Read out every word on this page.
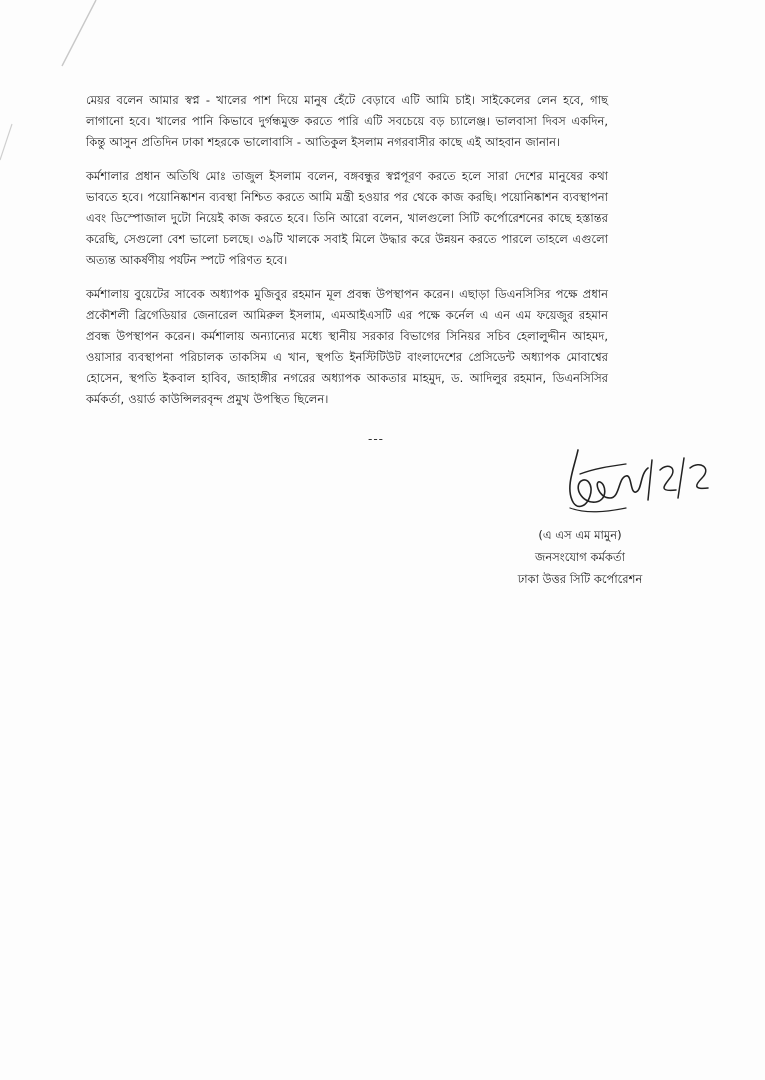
মেয়র বলেন আমার স্বপ্ন - খালের পাশ দিয়ে মানুষ হেঁটে বেড়াবে এটি আমি চাই। সাইকেলের লেন হবে, গাছ লাগানো হবে। খালের পানি কিভাবে দুর্গন্ধমুক্ত করতে পারি এটি সবচেয়ে বড় চ্যালেঞ্জ। ভালবাসা দিবস একদিন, কিন্তু আসুন প্রতিদিন ঢাকা শহরকে ভালোবাসি - আতিকুল ইসলাম নগরবাসীর কাছে এই আহবান জানান।

কর্মশালার প্রধান অতিথি মোঃ তাজুল ইসলাম বলেন, বঙ্গবন্ধুর স্বপ্নপূরণ করতে হলে সারা দেশের মানুষের কথা ভাবতে হবে। পয়োনিষ্কাশন ব্যবস্থা নিশ্চিত করতে আমি মন্ত্রী হওয়ার পর থেকে কাজ করছি। পয়োনিষ্কাশন ব্যবস্থাপনা এবং ডিস্পোজাল দুটো নিয়েই কাজ করতে হবে। তিনি আরো বলেন, খালগুলো সিটি কর্পোরেশনের কাছে হস্তান্তর করেছি, সেগুলো বেশ ভালো চলছে। ৩৯টি খালকে সবাই মিলে উদ্ধার করে উন্নয়ন করতে পারলে তাহলে এগুলো অত্যন্ত আকর্ষণীয় পর্যটন স্পটে পরিণত হবে।

কর্মশালায় বুয়েটের সাবেক অধ্যাপক মুজিবুর রহমান মূল প্রবন্ধ উপস্থাপন করেন। এছাড়া ডিএনসিসির পক্ষে প্রধান প্রকৌশলী ব্রিগেডিয়ার জেনারেল আমিরুল ইসলাম, এমআইএসটি এর পক্ষে কর্নেল এ এন এম ফয়েজুর রহমান প্রবন্ধ উপস্থাপন করেন। কর্মশালায় অন্যান্যের মধ্যে স্থানীয় সরকার বিভাগের সিনিয়র সচিব হেলালুদ্দীন আহমদ, ওয়াসার ব্যবস্থাপনা পরিচালক তাকসিম এ খান, স্থপতি ইনস্টিটিউট বাংলাদেশের প্রেসিডেন্ট অধ্যাপক মোবাশ্বের হোসেন, স্থপতি ইকবাল হাবিব, জাহাঙ্গীর নগরের অধ্যাপক আকতার মাহমুদ, ড. আদিলুর রহমান, ডিএনসিসির কর্মকর্তা, ওয়ার্ড কাউন্সিলরবৃন্দ প্রমুখ উপস্থিত ছিলেন।

---
(এ এস এম মামুন)
জনসংযোগ কর্মকর্তা
ঢাকা উত্তর সিটি কর্পোরেশন
